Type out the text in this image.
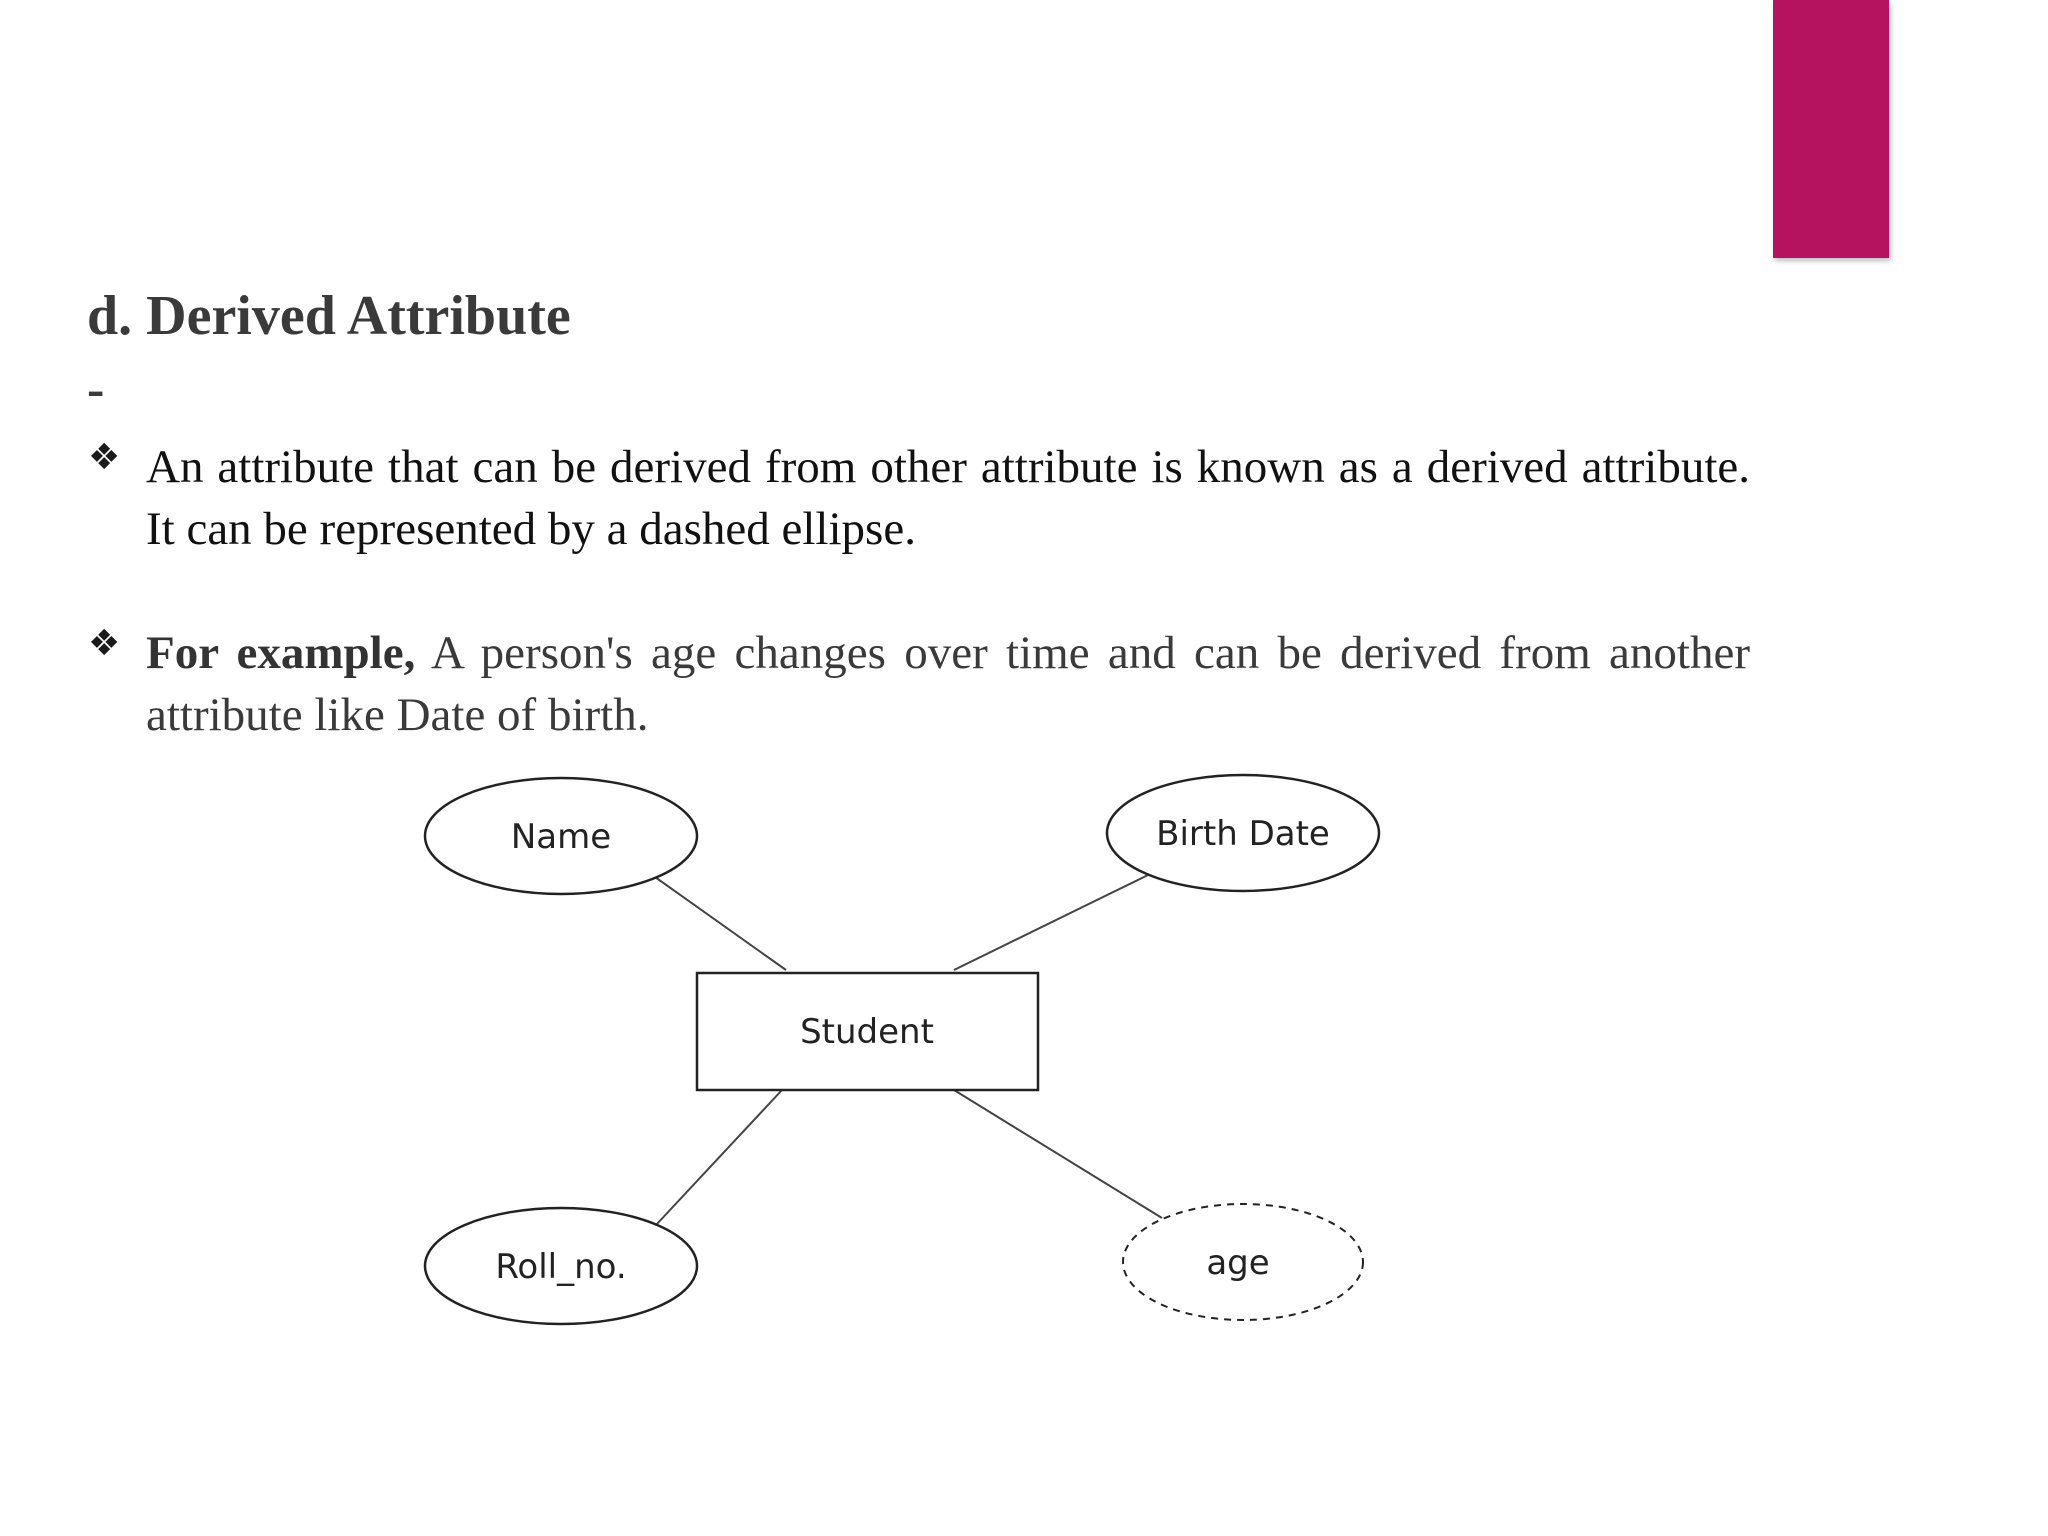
d. Derived Attribute
-
❖ An attribute that can be derived from other attribute is known as a derived attribute. It can be represented by a dashed ellipse.
❖ For example, A person's age changes over time and can be derived from another attribute like Date of birth.
Student
Name	Birth Date
Roll_no.	age
